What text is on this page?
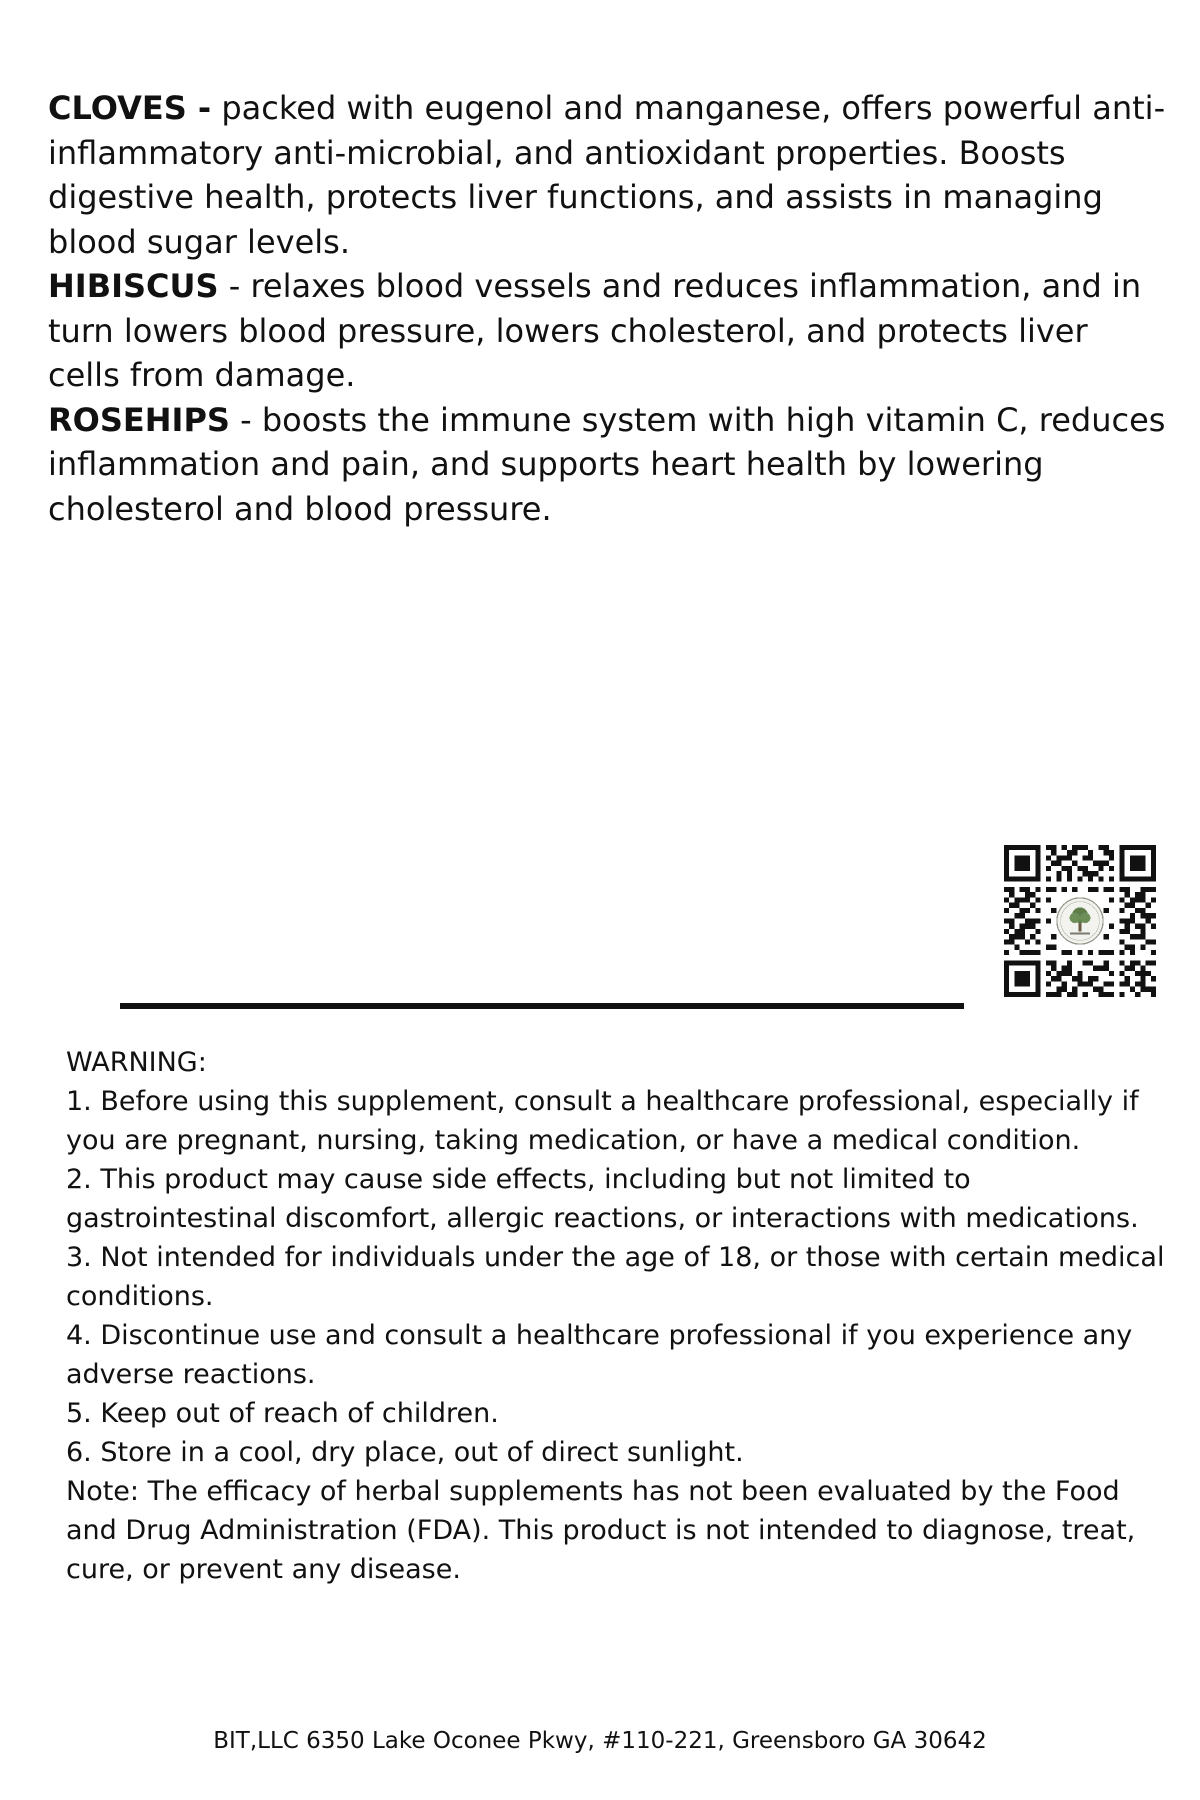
CLOVES - packed with eugenol and manganese, offers powerful anti-inflammatory anti-microbial, and antioxidant properties. Boosts digestive health, protects liver functions, and assists in managing blood sugar levels.

HIBISCUS - relaxes blood vessels and reduces inflammation, and in turn lowers blood pressure, lowers cholesterol, and protects liver cells from damage.

ROSEHIPS - boosts the immune system with high vitamin C, reduces inflammation and pain, and supports heart health by lowering cholesterol and blood pressure.

WARNING:

1. Before using this supplement, consult a healthcare professional, especially if you are pregnant, nursing, taking medication, or have a medical condition.

2. This product may cause side effects, including but not limited to gastrointestinal discomfort, allergic reactions, or interactions with medications.

3. Not intended for individuals under the age of 18, or those with certain medical conditions.

4. Discontinue use and consult a healthcare professional if you experience any adverse reactions.

5. Keep out of reach of children.

6. Store in a cool, dry place, out of direct sunlight.

Note: The efficacy of herbal supplements has not been evaluated by the Food and Drug Administration (FDA). This product is not intended to diagnose, treat, cure, or prevent any disease.

BIT,LLC 6350 Lake Oconee Pkwy, #110-221, Greensboro GA 30642
